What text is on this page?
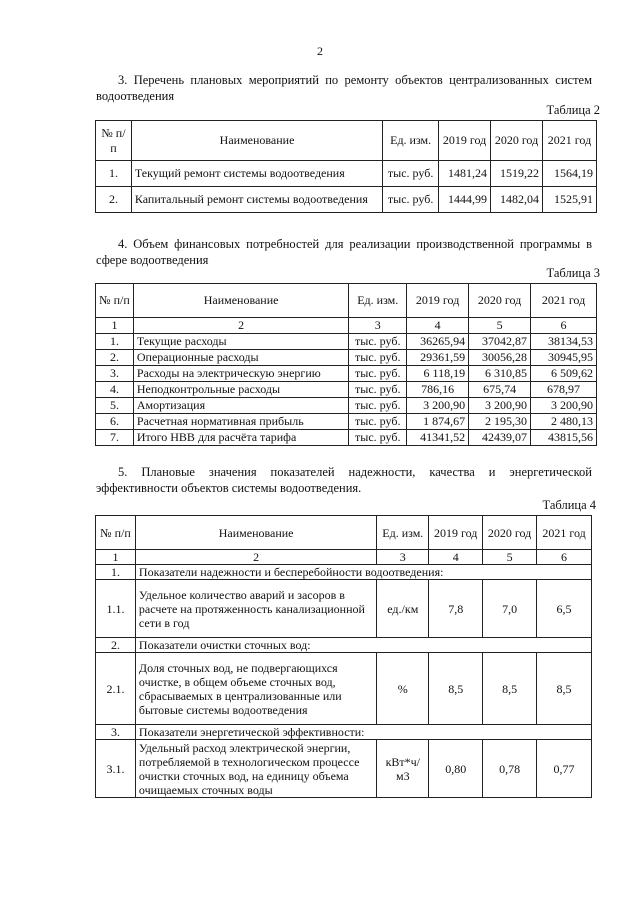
2
3. Перечень плановых мероприятий по ремонту объектов централизованных систем водоотведения
Таблица 2
№ п/п	Наименование	Ед. изм.	2019 год	2020 год	2021 год
1.	Текущий ремонт системы водоотведения	тыс. руб.	1481,24	1519,22	1564,19
2.	Капитальный ремонт системы водоотведения	тыс. руб.	1444,99	1482,04	1525,91
4. Объем финансовых потребностей для реализации производственной программы в сфере водоотведения
Таблица 3
№ п/п	Наименование	Ед. изм.	2019 год	2020 год	2021 год
1	2	3	4	5	6
1.	Текущие расходы	тыс. руб.	36265,94	37042,87	38134,53
2.	Операционные расходы	тыс. руб.	29361,59	30056,28	30945,95
3.	Расходы на электрическую энергию	тыс. руб.	6 118,19	6 310,85	6 509,62
4.	Неподконтрольные расходы	тыс. руб.	786,16	675,74	678,97
5.	Амортизация	тыс. руб.	3 200,90	3 200,90	3 200,90
6.	Расчетная нормативная прибыль	тыс. руб.	1 874,67	2 195,30	2 480,13
7.	Итого НВВ для расчёта тарифа	тыс. руб.	41341,52	42439,07	43815,56
5. Плановые значения показателей надежности, качества и энергетической эффективности объектов системы водоотведения.
Таблица 4
№ п/п	Наименование	Ед. изм.	2019 год	2020 год	2021 год
1	2	3	4	5	6
1.	Показатели надежности и бесперебойности водоотведения:				
1.1.	Удельное количество аварий и засоров в расчете на протяженность канализационной сети в год	ед./км	7,8	7,0	6,5
2.	Показатели очистки сточных вод:				
2.1.	Доля сточных вод, не подвергающихся очистке, в общем объеме сточных вод, сбрасываемых в централизованные или бытовые системы водоотведения	%	8,5	8,5	8,5
3.	Показатели энергетической эффективности:				
3.1.	Удельный расход электрической энергии, потребляемой в технологическом процессе очистки сточных вод, на единицу объема очищаемых сточных воды	кВт*ч/м3	0,80	0,78	0,77
